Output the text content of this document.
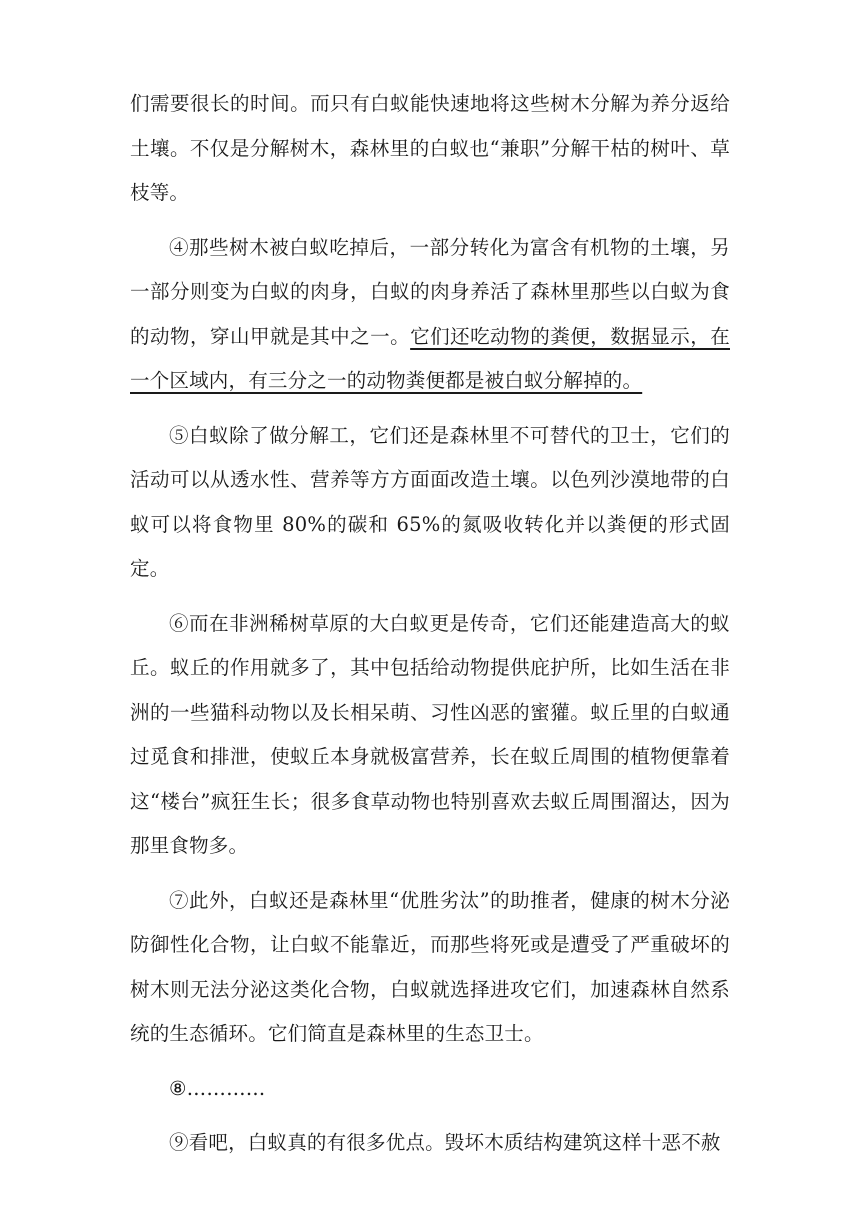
们需要很长的时间。而只有白蚁能快速地将这些树木分解为养分返给土壤。不仅是分解树木，森林里的白蚁也“兼职”分解干枯的树叶、草枝等。

④那些树木被白蚁吃掉后，一部分转化为富含有机物的土壤，另一部分则变为白蚁的肉身，白蚁的肉身养活了森林里那些以白蚁为食的动物，穿山甲就是其中之一。它们还吃动物的粪便，数据显示，在一个区域内，有三分之一的动物粪便都是被白蚁分解掉的。

⑤白蚁除了做分解工，它们还是森林里不可替代的卫士，它们的活动可以从透水性、营养等方方面面改造土壤。以色列沙漠地带的白蚁可以将食物里 80%的碳和 65%的氮吸收转化并以粪便的形式固定。

⑥而在非洲稀树草原的大白蚁更是传奇，它们还能建造高大的蚁丘。蚁丘的作用就多了，其中包括给动物提供庇护所，比如生活在非洲的一些猫科动物以及长相呆萌、习性凶恶的蜜獾。蚁丘里的白蚁通过觅食和排泄，使蚁丘本身就极富营养，长在蚁丘周围的植物便靠着这“楼台”疯狂生长；很多食草动物也特别喜欢去蚁丘周围溜达，因为那里食物多。

⑦此外，白蚁还是森林里“优胜劣汰”的助推者，健康的树木分泌防御性化合物，让白蚁不能靠近，而那些将死或是遭受了严重破坏的树木则无法分泌这类化合物，白蚁就选择进攻它们，加速森林自然系统的生态循环。它们简直是森林里的生态卫士。

⑧…………

⑨看吧，白蚁真的有很多优点。毁坏木质结构建筑这样十恶不赦
